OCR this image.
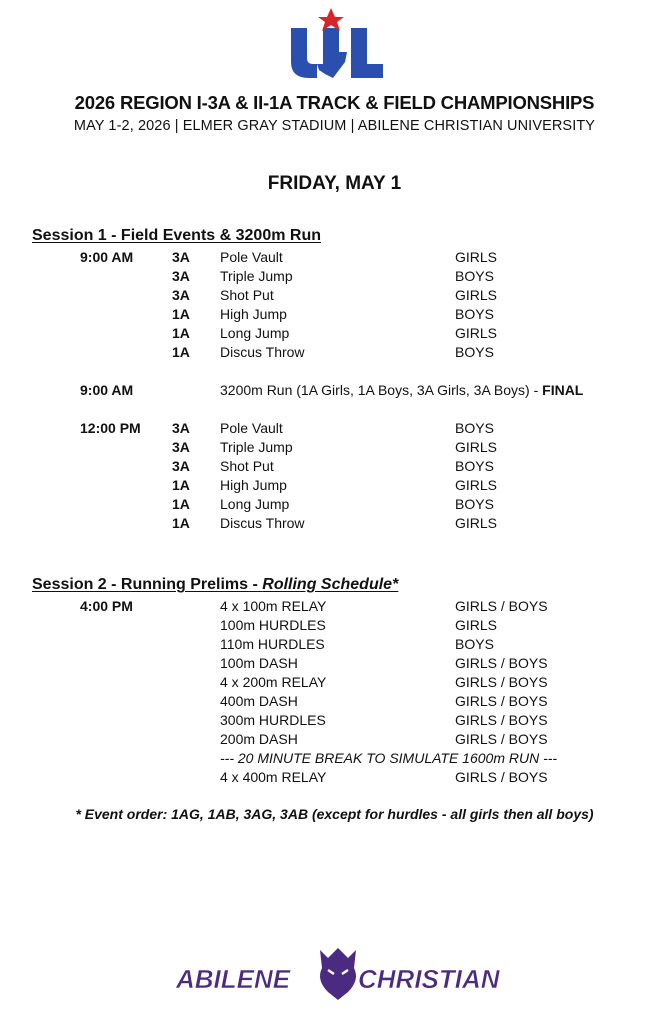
2026 REGION I-3A & II-1A TRACK & FIELD CHAMPIONSHIPS
MAY 1-2, 2026 | ELMER GRAY STADIUM | ABILENE CHRISTIAN UNIVERSITY
FRIDAY, MAY 1
Session 1 - Field Events & 3200m Run
9:00 AM	3A Pole Vault	GIRLS
3A Triple Jump	BOYS
3A Shot Put	GIRLS
1A High Jump	BOYS
1A Long Jump	GIRLS
1A Discus Throw	BOYS
9:00 AM	3200m Run (1A Girls, 1A Boys, 3A Girls, 3A Boys) - FINAL
12:00 PM 3A Pole Vault	BOYS
3A Triple Jump	GIRLS
3A Shot Put	BOYS
1A High Jump	GIRLS
1A Long Jump	BOYS
1A Discus Throw	GIRLS
Session 2 - Running Prelims - Rolling Schedule*
4:00 PM	4 x 100m RELAY	GIRLS / BOYS
100m HURDLES	GIRLS
110m HURDLES	BOYS
100m DASH	GIRLS / BOYS
4 x 200m RELAY	GIRLS / BOYS
400m DASH	GIRLS / BOYS
300m HURDLES	GIRLS / BOYS
200m DASH	GIRLS / BOYS
--- 20 MINUTE BREAK TO SIMULATE 1600m RUN ---
4 x 400m RELAY	GIRLS / BOYS
* Event order: 1AG, 1AB, 3AG, 3AB (except for hurdles - all girls then all boys)
ABILENE	CHRISTIAN
